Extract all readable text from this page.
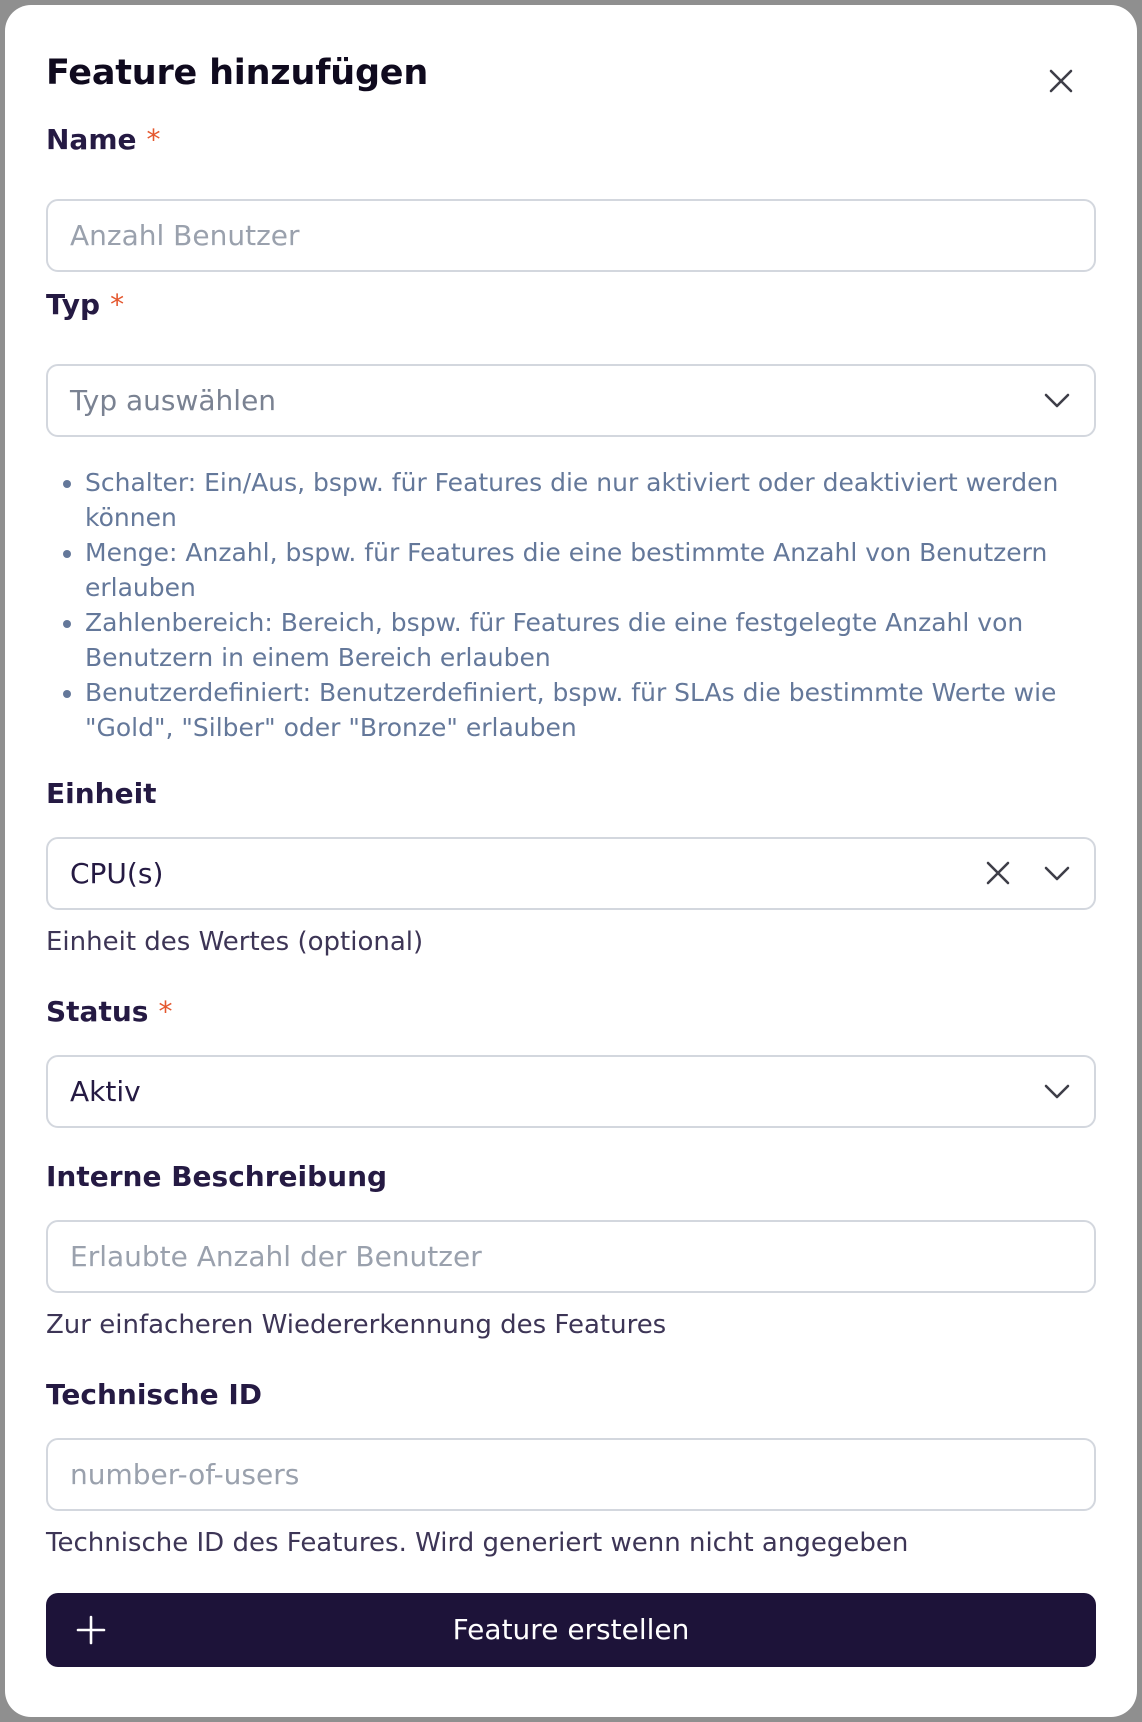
Feature hinzufügen
Name *
Anzahl Benutzer
Typ *
Typ auswählen
• Schalter: Ein/Aus, bspw. für Features die nur aktiviert oder deaktiviert werden können
• Menge: Anzahl, bspw. für Features die eine bestimmte Anzahl von Benutzern erlauben
• Zahlenbereich: Bereich, bspw. für Features die eine festgelegte Anzahl von Benutzern in einem Bereich erlauben
• Benutzerdefiniert: Benutzerdefiniert, bspw. für SLAs die bestimmte Werte wie "Gold", "Silber" oder "Bronze" erlauben
Einheit
CPU(s)
Einheit des Wertes (optional)
Status *
Aktiv
Interne Beschreibung
Erlaubte Anzahl der Benutzer
Zur einfacheren Wiedererkennung des Features
Technische ID
number-of-users
Technische ID des Features. Wird generiert wenn nicht angegeben
Feature erstellen
